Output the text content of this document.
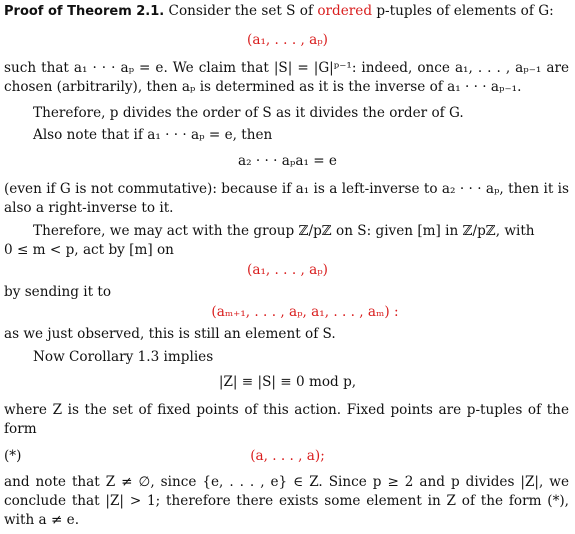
Proof of Theorem 2.1. Consider the set S of ordered p-tuples of elements of G:
(a₁, . . . , aₚ)
such that a₁ · · · aₚ = e. We claim that |S| = |G|ᵖ⁻¹: indeed, once a₁, . . . , aₚ₋₁ are
chosen (arbitrarily), then aₚ is determined as it is the inverse of a₁ · · · aₚ₋₁.
Therefore, p divides the order of S as it divides the order of G.
Also note that if a₁ · · · aₚ = e, then
a₂ · · · aₚa₁ = e
(even if G is not commutative): because if a₁ is a left-inverse to a₂ · · · aₚ, then it is
also a right-inverse to it.
Therefore, we may act with the group ℤ/pℤ on S: given [m] in ℤ/pℤ, with
0 ≤ m < p, act by [m] on
(a₁, . . . , aₚ)
by sending it to
(aₘ₊₁, . . . , aₚ, a₁, . . . , aₘ) :
as we just observed, this is still an element of S.
Now Corollary 1.3 implies
|Z| ≡ |S| ≡ 0 mod p,
where Z is the set of fixed points of this action. Fixed points are p-tuples of the
form
(*)	(a, . . . , a);
and note that Z ≠ ∅, since {e, . . . , e} ∈ Z. Since p ≥ 2 and p divides |Z|, we
conclude that |Z| > 1; therefore there exists some element in Z of the form (*),
with a ≠ e.
